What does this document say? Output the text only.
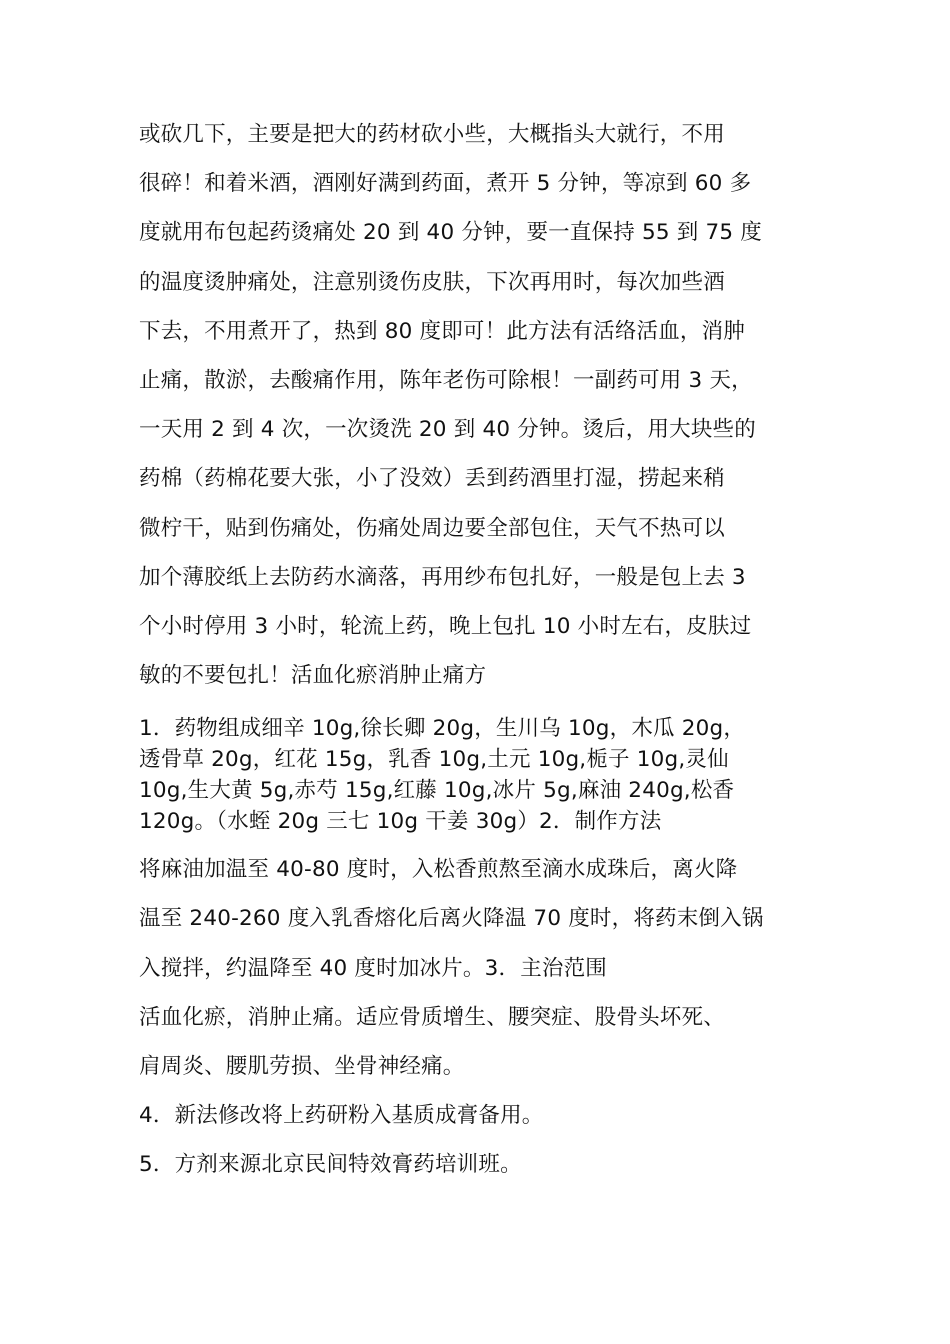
或砍几下，主要是把大的药材砍小些，大概指头大就行，不用
很碎！和着米酒，酒刚好满到药面，煮开 5 分钟，等凉到 60 多
度就用布包起药烫痛处 20 到 40 分钟，要一直保持 55 到 75 度
的温度烫肿痛处，注意别烫伤皮肤，下次再用时，每次加些酒
下去，不用煮开了，热到 80 度即可！此方法有活络活血，消肿
止痛，散淤，去酸痛作用，陈年老伤可除根！一副药可用 3 天，
一天用 2 到 4 次，一次烫洗 20 到 40 分钟。烫后，用大块些的
药棉（药棉花要大张，小了没效）丢到药酒里打湿，捞起来稍
微柠干，贴到伤痛处，伤痛处周边要全部包住，天气不热可以
加个薄胶纸上去防药水滴落，再用纱布包扎好，一般是包上去 3
个小时停用 3 小时，轮流上药，晚上包扎 10 小时左右，皮肤过
敏的不要包扎！活血化瘀消肿止痛方
1．药物组成细辛 10g,徐长卿 20g，生川乌 10g，木瓜 20g，
透骨草 20g，红花 15g，乳香 10g,土元 10g,栀子 10g,灵仙
10g,生大黄 5g,赤芍 15g,红藤 10g,冰片 5g,麻油 240g,松香
120g。（水蛭 20g 三七 10g 干姜 30g）2．制作方法
将麻油加温至 40-80 度时，入松香煎熬至滴水成珠后，离火降
温至 240-260 度入乳香熔化后离火降温 70 度时，将药末倒入锅
入搅拌，约温降至 40 度时加冰片。3．主治范围
活血化瘀，消肿止痛。适应骨质增生、腰突症、股骨头坏死、
肩周炎、腰肌劳损、坐骨神经痛。
4．新法修改将上药研粉入基质成膏备用。
5．方剂来源北京民间特效膏药培训班。
